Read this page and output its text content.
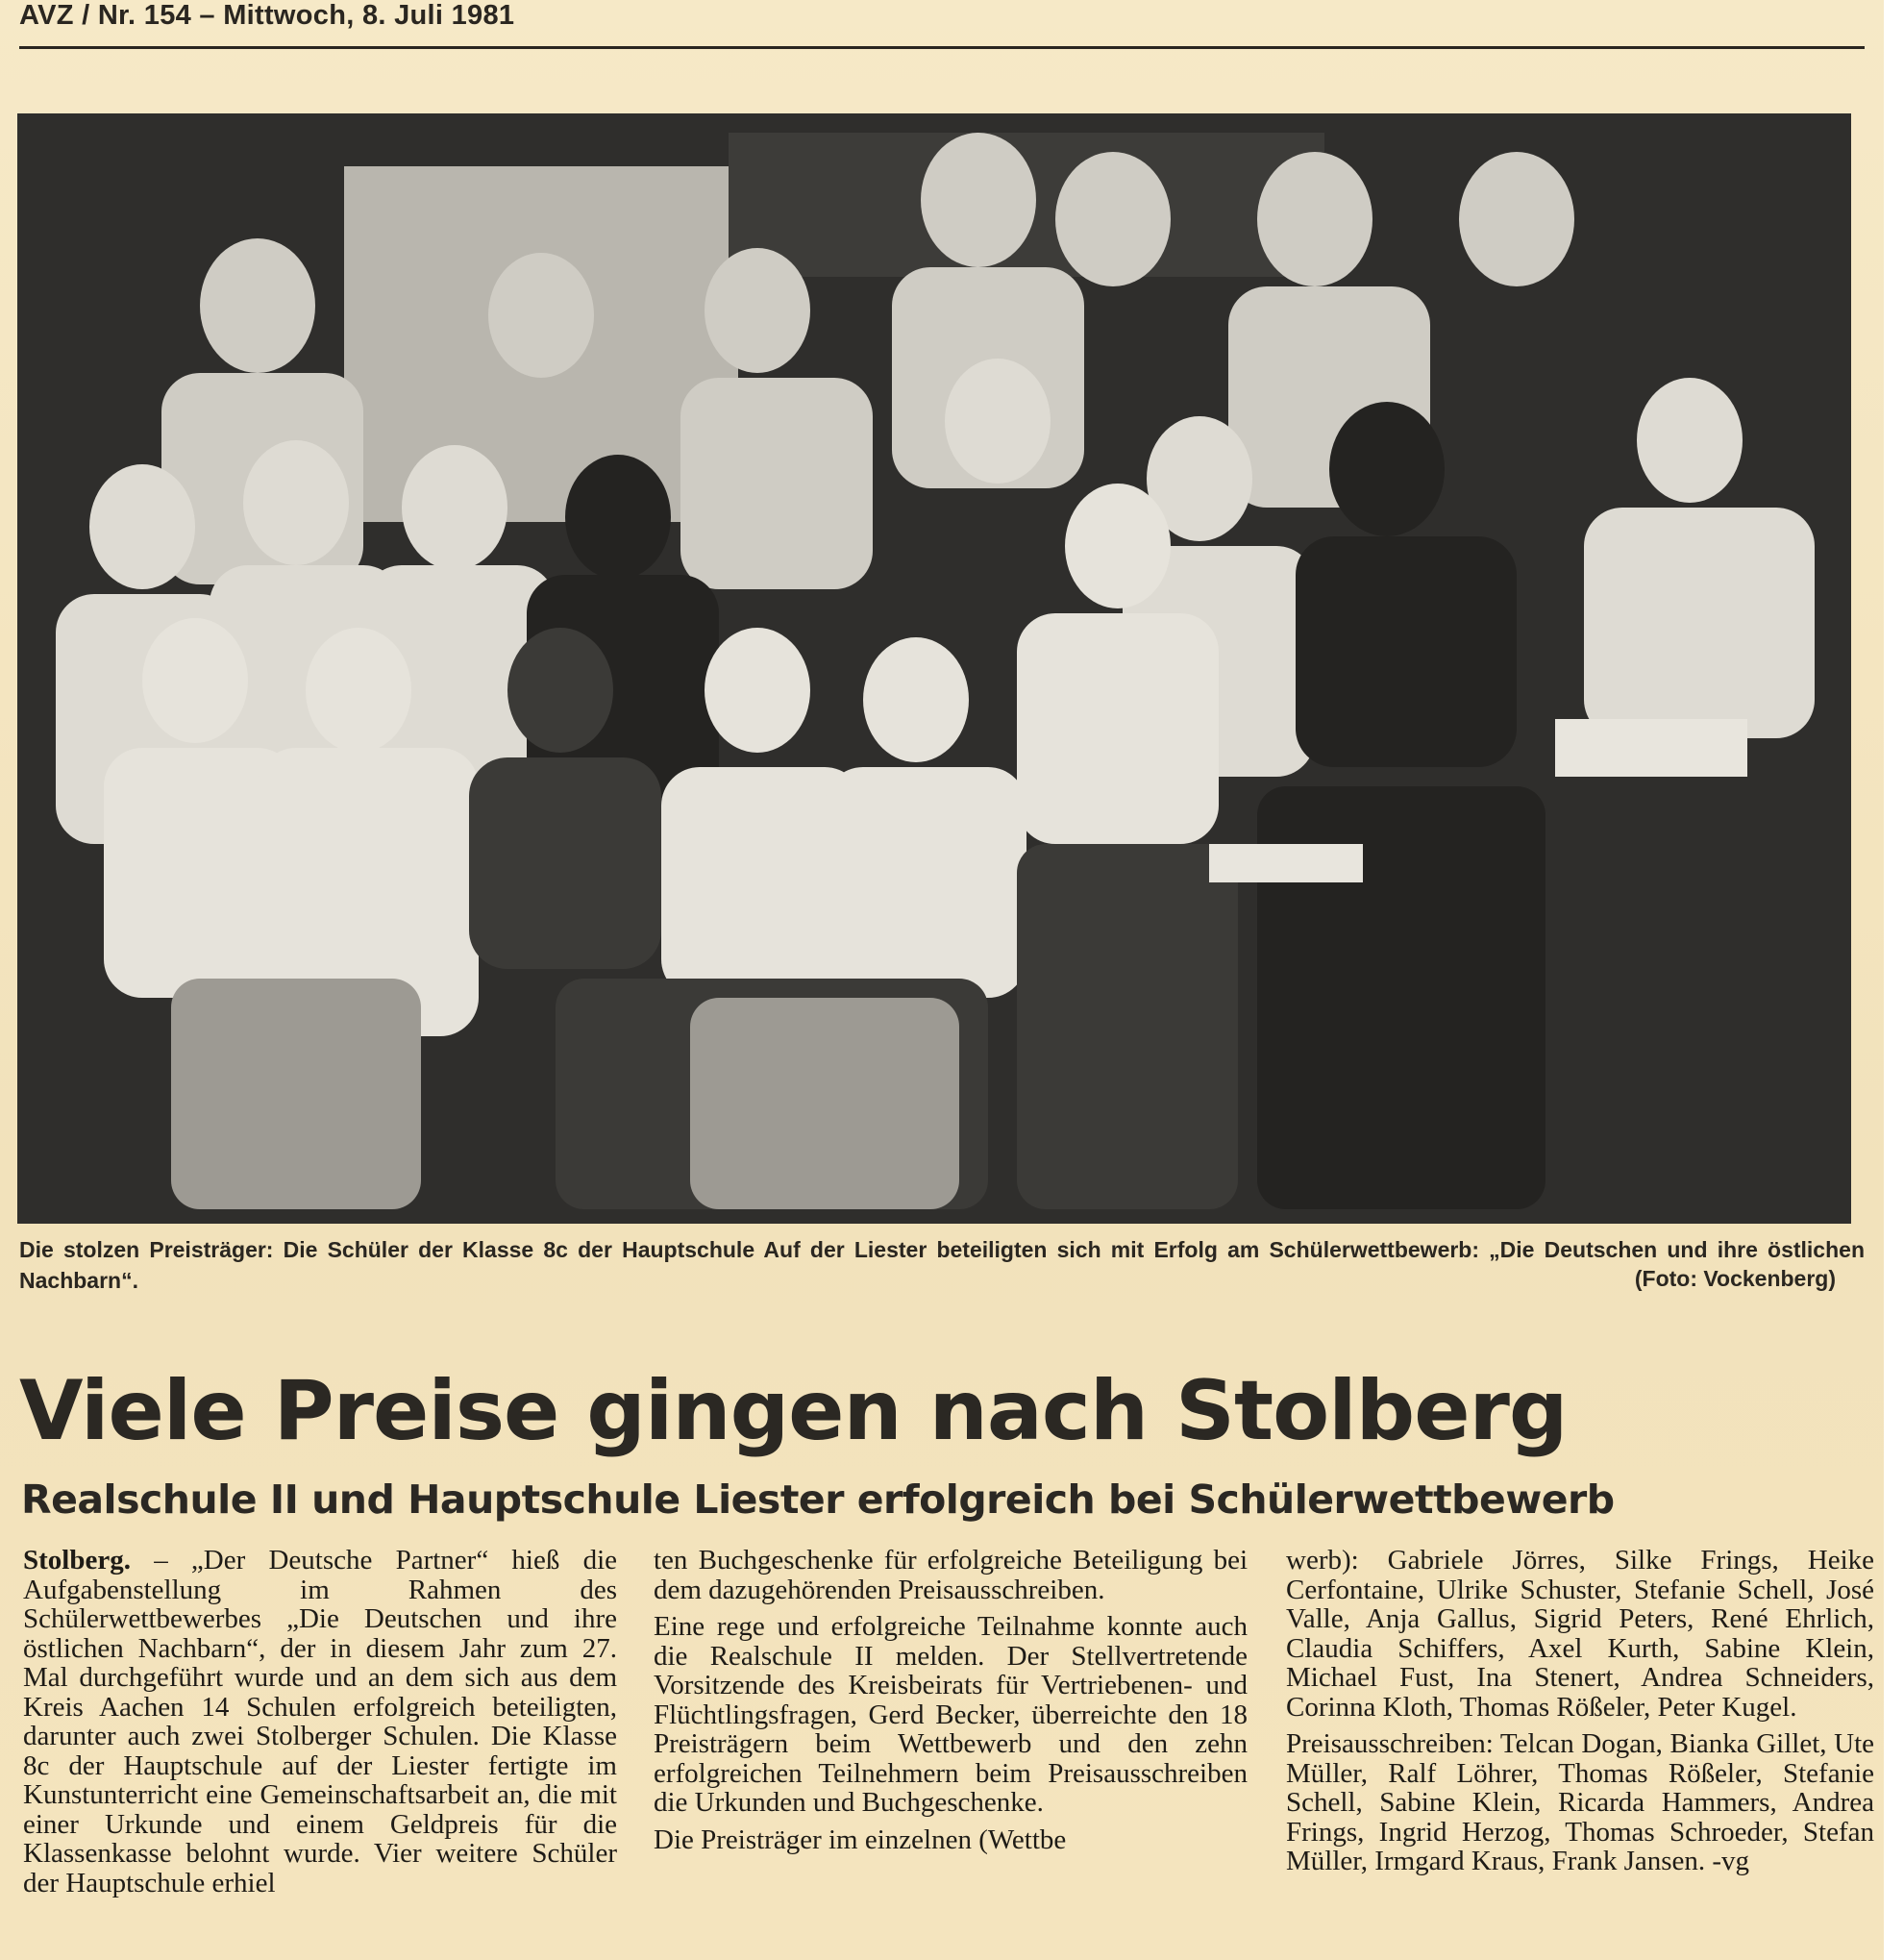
AVZ / Nr. 154 – Mittwoch, 8. Juli 1981
Die stolzen Preisträger: Die Schüler der Klasse 8c der Hauptschule Auf der Liester beteiligten sich mit Erfolg am Schülerwettbewerb: „Die Deutschen und ihre östlichen Nachbarn“.	(Foto: Vockenberg)
Viele Preise gingen nach Stolberg
Realschule II und Hauptschule Liester erfolgreich bei Schülerwettbewerb

Stolberg. – „Der Deutsche Partner“ hieß die Aufgabenstellung im Rahmen des Schülerwettbewerbes „Die Deutschen und ihre östlichen Nachbarn“, der in diesem Jahr zum 27. Mal durchgeführt wurde und an dem sich aus dem Kreis Aachen 14 Schulen erfolgreich beteiligten, darunter auch zwei Stolberger Schulen. Die Klasse 8c der Hauptschule auf der Liester fertigte im Kunstunterricht eine Gemeinschaftsarbeit an, die mit einer Urkunde und einem Geldpreis für die Klassenkasse belohnt wurde. Vier weitere Schüler der Hauptschule erhiel

ten Buchgeschenke für erfolgreiche Beteiligung bei dem dazugehörenden Preisausschreiben.

Eine rege und erfolgreiche Teilnahme konnte auch die Realschule II melden. Der Stellvertretende Vorsitzende des Kreisbeirats für Vertriebenen- und Flüchtlingsfragen, Gerd Becker, überreichte den 18 Preisträgern beim Wettbewerb und den zehn erfolgreichen Teilnehmern beim Preisausschreiben die Urkunden und Buchgeschenke.

Die Preisträger im einzelnen (Wettbe

werb): Gabriele Jörres, Silke Frings, Heike Cerfontaine, Ulrike Schuster, Stefanie Schell, José Valle, Anja Gallus, Sigrid Peters, René Ehrlich, Claudia Schiffers, Axel Kurth, Sabine Klein, Michael Fust, Ina Stenert, Andrea Schneiders, Corinna Kloth, Thomas Rößeler, Peter Kugel.

Preisausschreiben: Telcan Dogan, Bianka Gillet, Ute Müller, Ralf Löhrer, Thomas Rößeler, Stefanie Schell, Sabine Klein, Ricarda Hammers, Andrea Frings, Ingrid Herzog, Thomas Schroeder, Stefan Müller, Irmgard Kraus, Frank Jansen. -vg
